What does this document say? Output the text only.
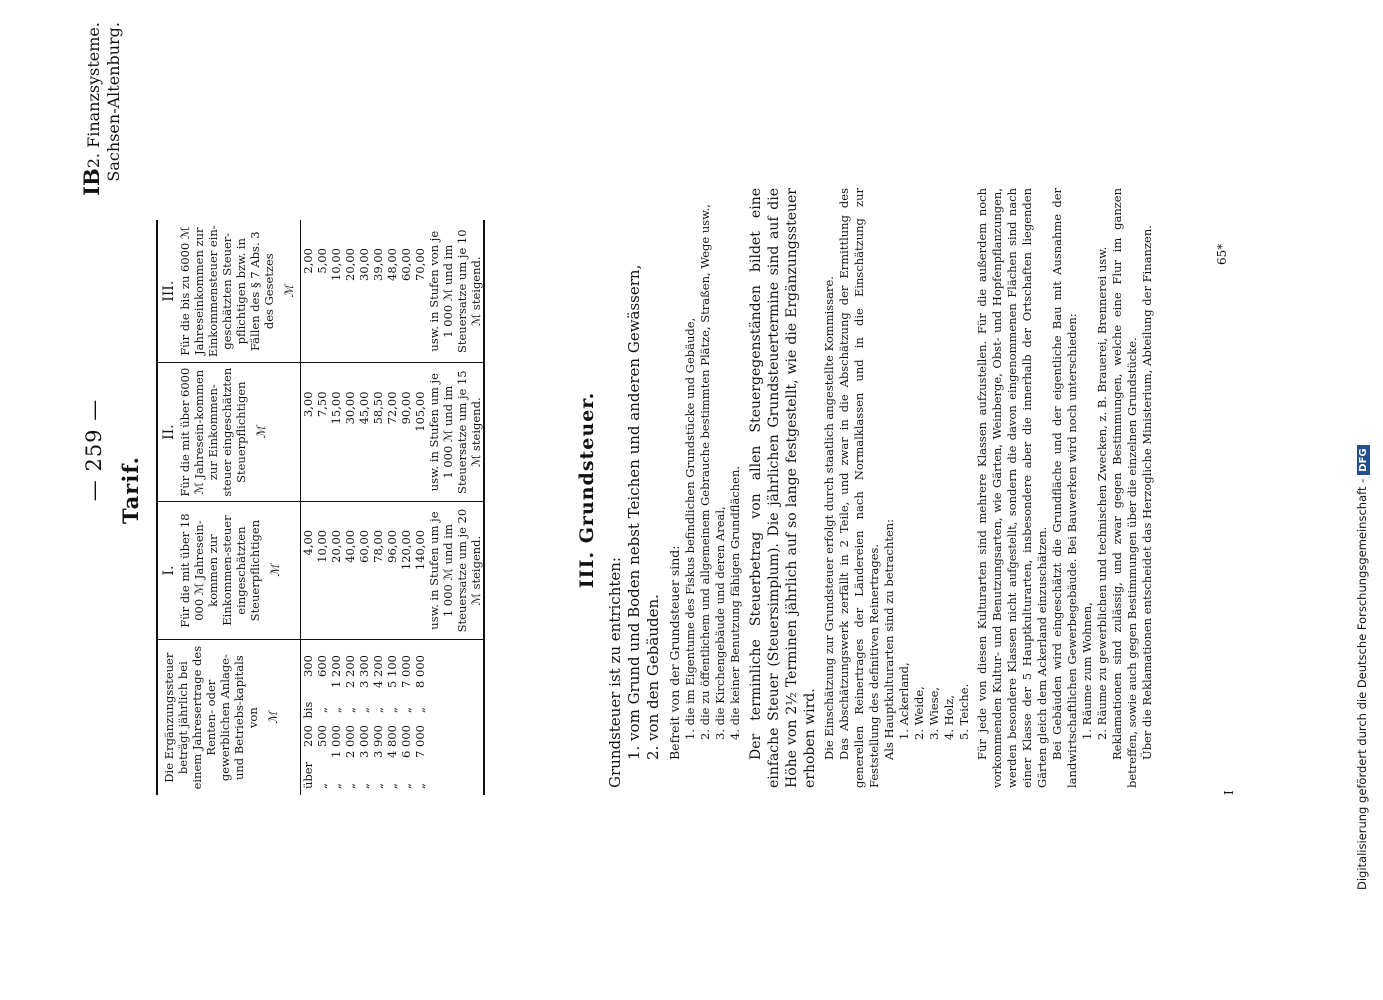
— 259 —
IB2. Finanzsysteme. Sachsen-Altenburg.
Tarif.
Die Ergänzungssteuer beträgt jährlich bei einem Jahresertrage des Renten- oder gewerblichen Anlage- und Betriebs-kapitals von ℳ	I. Für die mit über 18 000 ℳ Jahresein-kommen zur Einkommen-steuer eingeschätzten Steuerpflichtigen ℳ	II. Für die mit über 6000 ℳ Jahresein-kommen zur Einkommen-steuer eingeschätzten Steuerpflichtigen ℳ	III. Für die bis zu 6000 ℳ Jahreseinkommen zur Einkommensteuer ein-geschätzten Steuer-pflichtigen bzw. in Fällen des § 7 Abs. 3 des Gesetzes ℳ

über200bis300	4,00	3,00	2,00
„500„600	10,00	7,50	5,00
„1 000„1 200	20,00	15,00	10,00
„2 000„2 200	40,00	30,00	20,00
„3 000„3 300	60,00	45,00	30,00
„3 900„4 200	78,00	58,50	39,00
„4 800„5 100	96,00	72,00	48,00
„6 000„7 000	120,00	90,00	60,00
„7 000„8 000	140,00	105,00	70,00
	usw. in Stufen um je 1 000 ℳ und im Steuersatze um je 20 ℳ steigend.	usw. in Stufen um je 1 000 ℳ und im Steuersatze um je 15 ℳ steigend.	usw. in Stufen von je 1 000 ℳ und im Steuersatze um je 10 ℳ steigend.
III. Grundsteuer.
Grundsteuer ist zu entrichten: 1. vom Grund und Boden nebst Teichen und anderen Gewässern, 2. von den Gebäuden. Befreit von der Grundsteuer sind: 1. die im Eigentume des Fiskus befindlichen Grundstücke und Gebäude, 2. die zu öffentlichem und allgemeinem Gebrauche bestimmten Plätze, Straßen, Wege usw., 3. die Kirchengebäude und deren Areal, 4. die keiner Benutzung fähigen Grundflächen. Der terminliche Steuerbetrag von allen Steuergegenständen bildet eine einfache Steuer (Steuersimplum). Die jährlichen Grundsteuertermine sind auf die Höhe von 2½ Terminen jährlich auf so lange festgestellt, wie die Ergänzungssteuer erhoben wird. Die Einschätzung zur Grundsteuer erfolgt durch staatlich angestellte Kommissare. Das Abschätzungswerk zerfällt in 2 Teile, und zwar in die Abschätzung der Ermittlung des generellen Reinertrages der Ländereien nach Normalklassen und in die Einschätzung zur Feststellung des definitiven Reinertrages. Als Hauptkulturarten sind zu betrachten: 1. Ackerland, 2. Weide, 3. Wiese, 4. Holz, 5. Teiche. Für jede von diesen Kulturarten sind mehrere Klassen aufzustellen. Für die außerdem noch vorkommenden Kultur- und Benutzungsarten, wie Gärten, Weinberge, Obst- und Hopfenpflanzungen, werden besondere Klassen nicht aufgestellt, sondern die davon eingenommenen Flächen sind nach einer Klasse der 5 Hauptkulturarten, insbesondere aber die innerhalb der Ortschaften liegenden Gärten gleich dem Ackerland einzuschätzen. Bei Gebäuden wird eingeschätzt die Grundfläche und der eigentliche Bau mit Ausnahme der landwirtschaftlichen Gewerbegebäude. Bei Bauwerken wird noch unterschieden: 1. Räume zum Wohnen, 2. Räume zu gewerblichen und technischen Zwecken, z. B. Brauerei, Brennerei usw. Reklamationen sind zulässig, und zwar gegen Bestimmungen, welche eine Flur im ganzen betreffen, sowie auch gegen Bestimmungen über die einzelnen Grundstücke. Über die Reklamationen entscheidet das Herzogliche Ministerium, Abteilung der Finanzen.	65*
I	Digitalisierung gefördert durch die Deutsche Forschungsgemeinschaft -DFG
